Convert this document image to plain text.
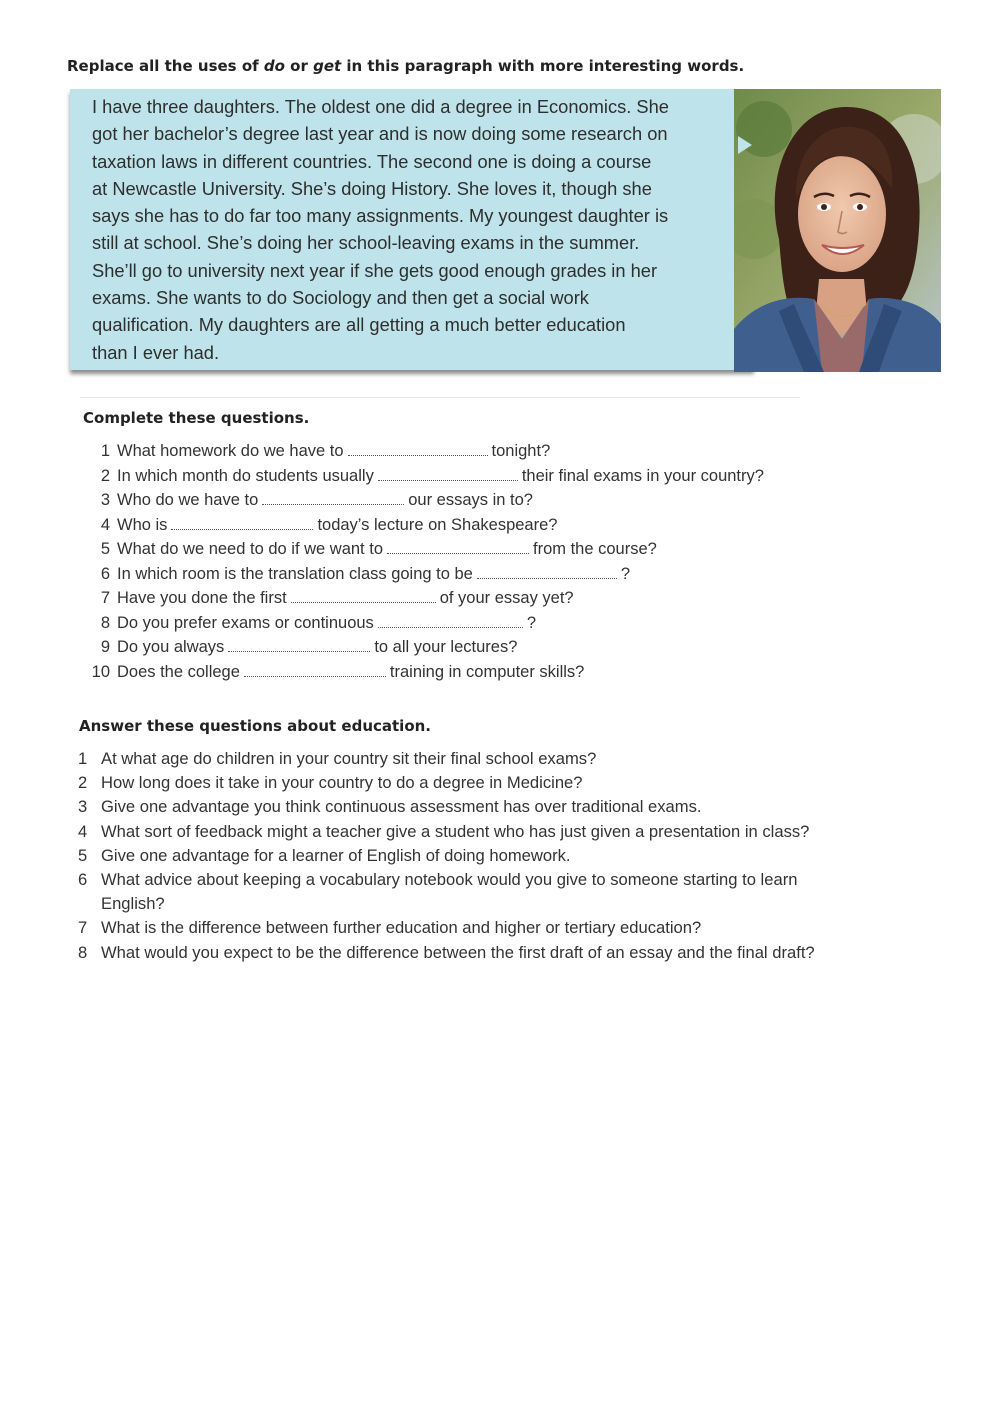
Replace all the uses of do or get in this paragraph with more interesting words.
I have three daughters. The oldest one did a degree in Economics. She
got her bachelor’s degree last year and is now doing some research on
taxation laws in different countries. The second one is doing a course
at Newcastle University. She’s doing History. She loves it, though she
says she has to do far too many assignments. My youngest daughter is
still at school. She’s doing her school-leaving exams in the summer.
She’ll go to university next year if she gets good enough grades in her
exams. She wants to do Sociology and then get a social work
qualification. My daughters are all getting a much better education
than I ever had.
Complete these questions.
1 What homework do we have to	tonight?
2 In which month do students usually	their final exams in your country?
3 Who do we have to	our essays in to?
4 Who is	today’s lecture on Shakespeare?
5 What do we need to do if we want to	from the course?
6 In which room is the translation class going to be	?
7 Have you done the first	of your essay yet?
8 Do you prefer exams or continuous	?
9 Do you always	to all your lectures?
10 Does the college	training in computer skills?
Answer these questions about education.
1 At what age do children in your country sit their final school exams?
2 How long does it take in your country to do a degree in Medicine?
3 Give one advantage you think continuous assessment has over traditional exams.
4 What sort of feedback might a teacher give a student who has just given a presentation in class?
5 Give one advantage for a learner of English of doing homework.
6 What advice about keeping a vocabulary notebook would you give to someone starting to learn English?
7 What is the difference between further education and higher or tertiary education?
8 What would you expect to be the difference between the first draft of an essay and the final draft?
